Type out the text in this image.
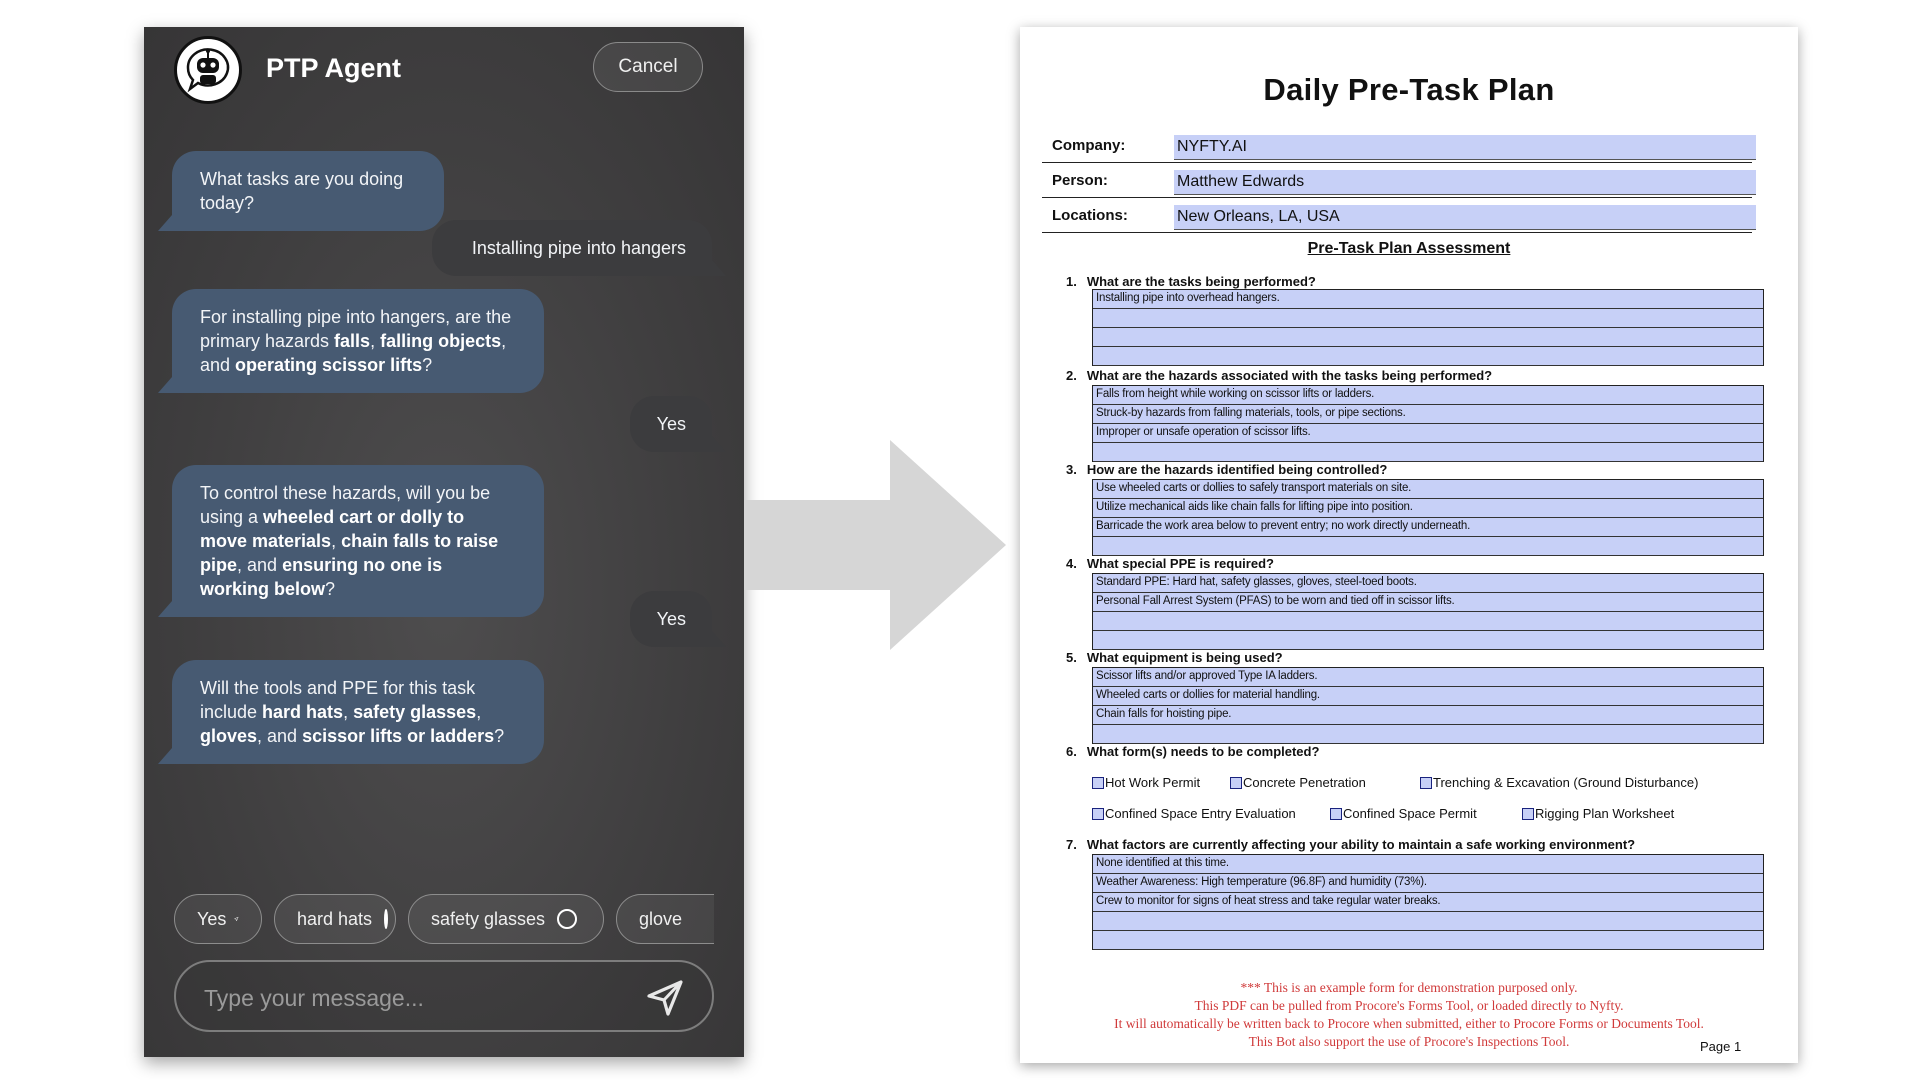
PTP Agent	Cancel
What tasks are you doing today?
Installing pipe into hangers
For installing pipe into hangers, are the primary hazards falls, falling objects, and operating scissor lifts?
Yes
To control these hazards, will you be using a wheeled cart or dolly to move materials, chain falls to raise pipe, and ensuring no one is working below?
Yes
Will the tools and PPE for this task include hard hats, safety glasses, gloves, and scissor lifts or ladders?
Yes	hard hats	safety glasses	glove
Type your message...
Daily Pre-Task Plan
Company:	NYFTY.AI
Person:	Matthew Edwards
Locations:	New Orleans, LA, USA
Pre-Task Plan Assessment
1. What are the tasks being performed?
Installing pipe into overhead hangers.
2. What are the hazards associated with the tasks being performed?
Falls from height while working on scissor lifts or ladders.
Struck-by hazards from falling materials, tools, or pipe sections.
Improper or unsafe operation of scissor lifts.
3. How are the hazards identified being controlled?
Use wheeled carts or dollies to safely transport materials on site.
Utilize mechanical aids like chain falls for lifting pipe into position.
Barricade the work area below to prevent entry; no work directly underneath.
4. What special PPE is required?
Standard PPE: Hard hat, safety glasses, gloves, steel-toed boots.
Personal Fall Arrest System (PFAS) to be worn and tied off in scissor lifts.
5. What equipment is being used?
Scissor lifts and/or approved Type IA ladders.
Wheeled carts or dollies for material handling.
Chain falls for hoisting pipe.
6. What form(s) needs to be completed?
Hot Work Permit	Concrete Penetration	Trenching & Excavation (Ground Disturbance)
Confined Space Entry Evaluation	Confined Space Permit	Rigging Plan Worksheet
7. What factors are currently affecting your ability to maintain a safe working environment?
None identified at this time.
Weather Awareness: High temperature (96.8F) and humidity (73%).
Crew to monitor for signs of heat stress and take regular water breaks.
*** This is an example form for demonstration purposed only.
This PDF can be pulled from Procore's Forms Tool, or loaded directly to Nyfty.
It will automatically be written back to Procore when submitted, either to Procore Forms or Documents Tool.
This Bot also support the use of Procore's Inspections Tool.	Page 1
